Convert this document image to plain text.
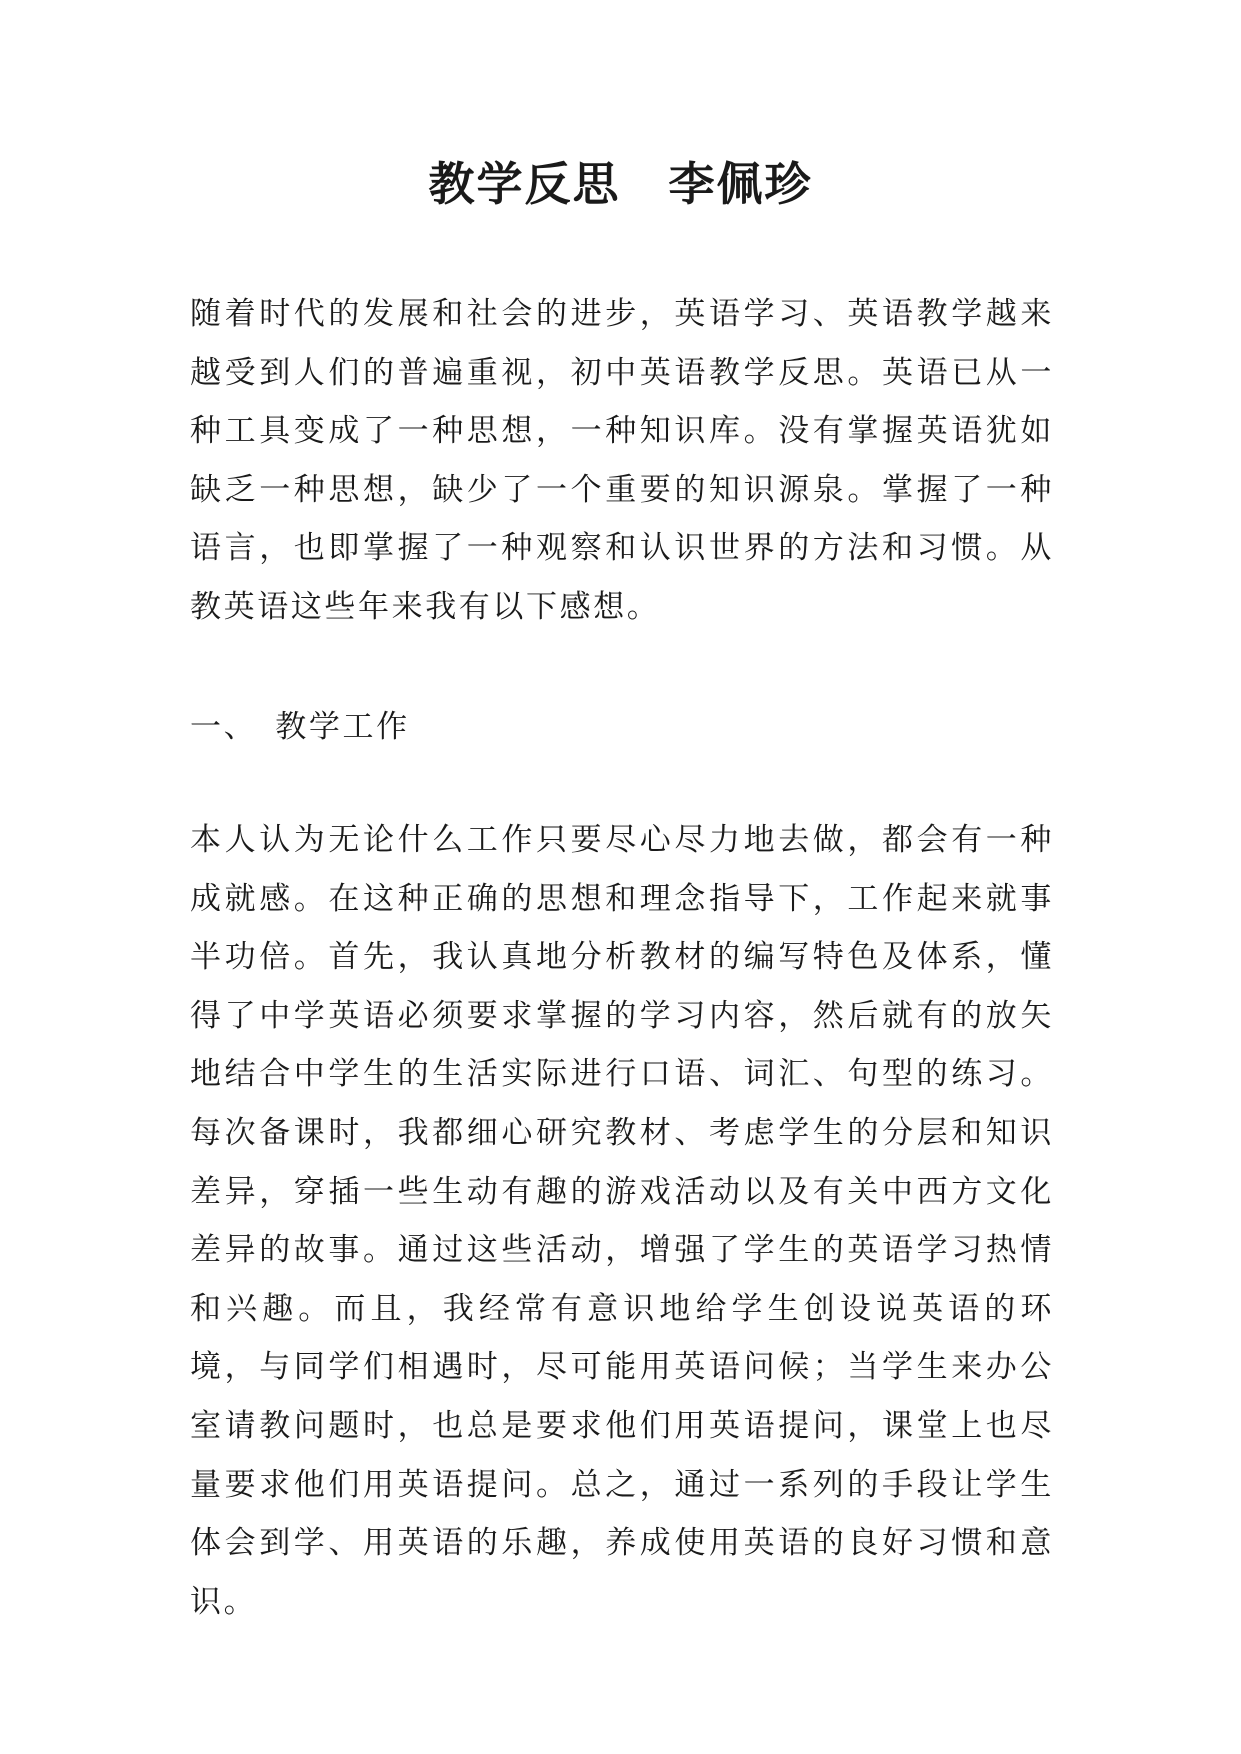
教学反思　李佩珍

随着时代的发展和社会的进步，英语学习、英语教学越来越受到人们的普遍重视，初中英语教学反思。英语已从一种工具变成了一种思想，一种知识库。没有掌握英语犹如缺乏一种思想，缺少了一个重要的知识源泉。掌握了一种语言，也即掌握了一种观察和认识世界的方法和习惯。从教英语这些年来我有以下感想。

一、　教学工作

本人认为无论什么工作只要尽心尽力地去做，都会有一种成就感。在这种正确的思想和理念指导下，工作起来就事半功倍。首先，我认真地分析教材的编写特色及体系，懂得了中学英语必须要求掌握的学习内容，然后就有的放矢地结合中学生的生活实际进行口语、词汇、句型的练习。每次备课时，我都细心研究教材、考虑学生的分层和知识差异，穿插一些生动有趣的游戏活动以及有关中西方文化差异的故事。通过这些活动，增强了学生的英语学习热情和兴趣。而且，我经常有意识地给学生创设说英语的环境，与同学们相遇时，尽可能用英语问候；当学生来办公室请教问题时，也总是要求他们用英语提问，课堂上也尽量要求他们用英语提问。总之，通过一系列的手段让学生体会到学、用英语的乐趣，养成使用英语的良好习惯和意识。
